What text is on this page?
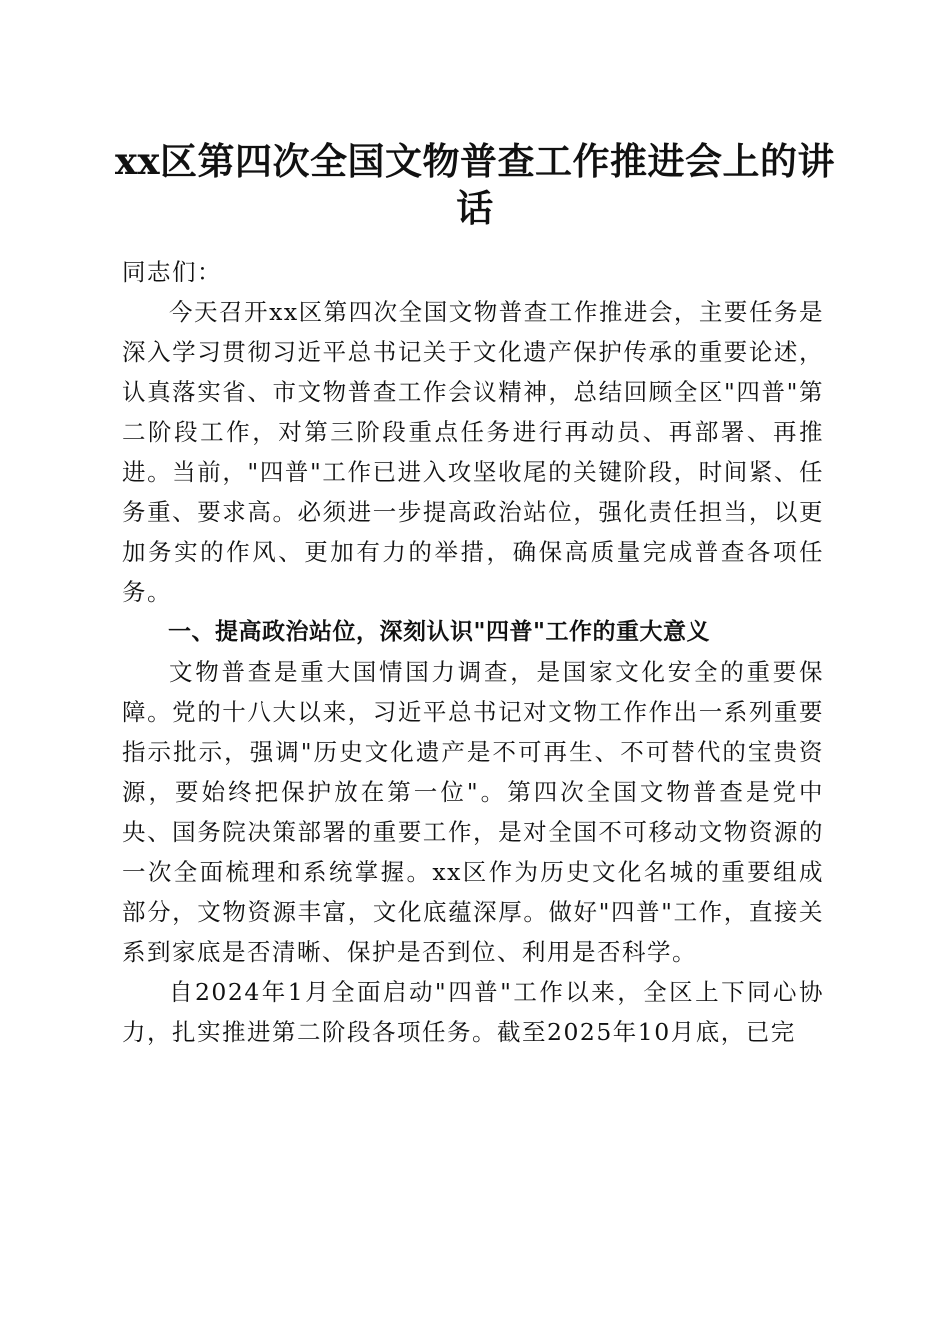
xx区第四次全国文物普查工作推进会上的讲话

同志们：

今天召开xx区第四次全国文物普查工作推进会，主要任务是深入学习贯彻习近平总书记关于文化遗产保护传承的重要论述，认真落实省、市文物普查工作会议精神，总结回顾全区"四普"第二阶段工作，对第三阶段重点任务进行再动员、再部署、再推进。当前，"四普"工作已进入攻坚收尾的关键阶段，时间紧、任务重、要求高。必须进一步提高政治站位，强化责任担当，以更加务实的作风、更加有力的举措，确保高质量完成普查各项任务。

一、提高政治站位，深刻认识"四普"工作的重大意义

文物普查是重大国情国力调查，是国家文化安全的重要保障。党的十八大以来，习近平总书记对文物工作作出一系列重要指示批示，强调"历史文化遗产是不可再生、不可替代的宝贵资源，要始终把保护放在第一位"。第四次全国文物普查是党中央、国务院决策部署的重要工作，是对全国不可移动文物资源的一次全面梳理和系统掌握。xx区作为历史文化名城的重要组成部分，文物资源丰富，文化底蕴深厚。做好"四普"工作，直接关系到家底是否清晰、保护是否到位、利用是否科学。

自2024年1月全面启动"四普"工作以来，全区上下同心协力，扎实推进第二阶段各项任务。截至2025年10月底，已完
